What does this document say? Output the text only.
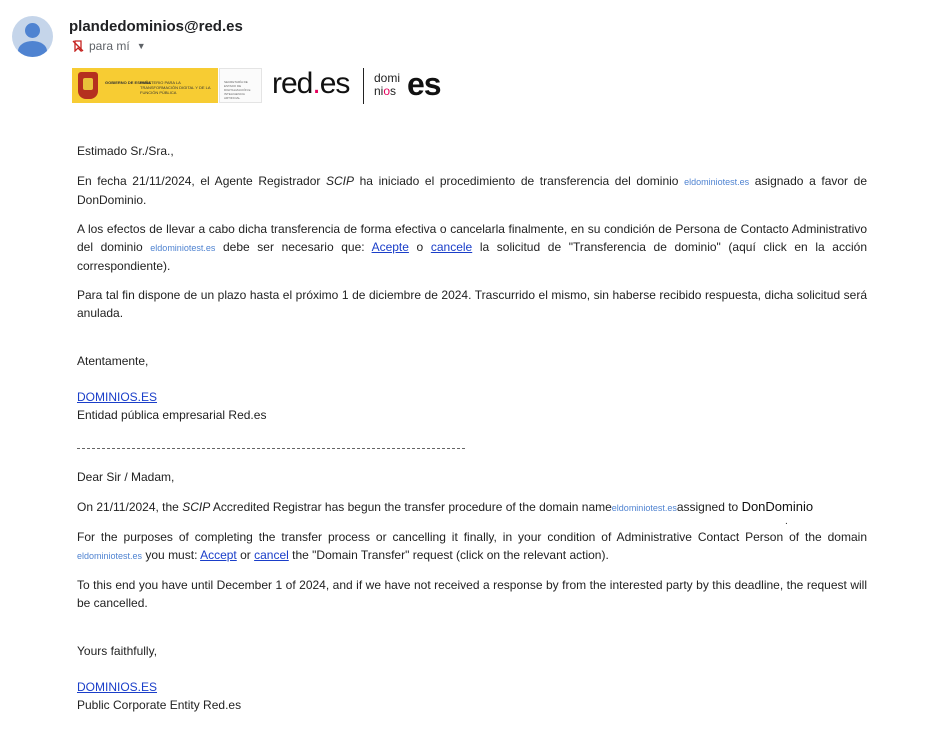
plandedominios@red.es
para mí ▼
GOBIERNO DE ESPAÑA
MINISTERIO PARA LA TRANSFORMACIÓN DIGITAL Y DE LA FUNCIÓN PÚBLICA
SECRETARÍA DE ESTADO DE DIGITALIZACIÓN E INTELIGENCIA ARTIFICIAL	red.es domi
nios es

Estimado Sr./Sra.,

En fecha 21/11/2024, el Agente Registrador SCIP ha iniciado el procedimiento de transferencia del dominio eldominiotest.es asignado a favor de DonDominio.

A los efectos de llevar a cabo dicha transferencia de forma efectiva o cancelarla finalmente, en su condición de Persona de Contacto Administrativo del dominio eldominiotest.es debe ser necesario que: Acepte o cancele la solicitud de "Transferencia de dominio" (aquí click en la acción correspondiente).

Para tal fin dispone de un plazo hasta el próximo 1 de diciembre de 2024. Trascurrido el mismo, sin haberse recibido respuesta, dicha solicitud será anulada.

Atentamente,

DOMINIOS.ES
Entidad pública empresarial Red.es

Dear Sir / Madam,

On 21/11/2024, the SCIP Accredited Registrar has begun the transfer procedure of the domain nameeldominiotest.esassigned to DonDominio

.

For the purposes of completing the transfer process or cancelling it finally, in your condition of Administrative Contact Person of the domain eldominiotest.es you must: Accept or cancel the "Domain Transfer" request (click on the relevant action).

To this end you have until December 1 of 2024, and if we have not received a response by from the interested party by this deadline, the request will be cancelled.

Yours faithfully,

DOMINIOS.ES
Public Corporate Entity Red.es
